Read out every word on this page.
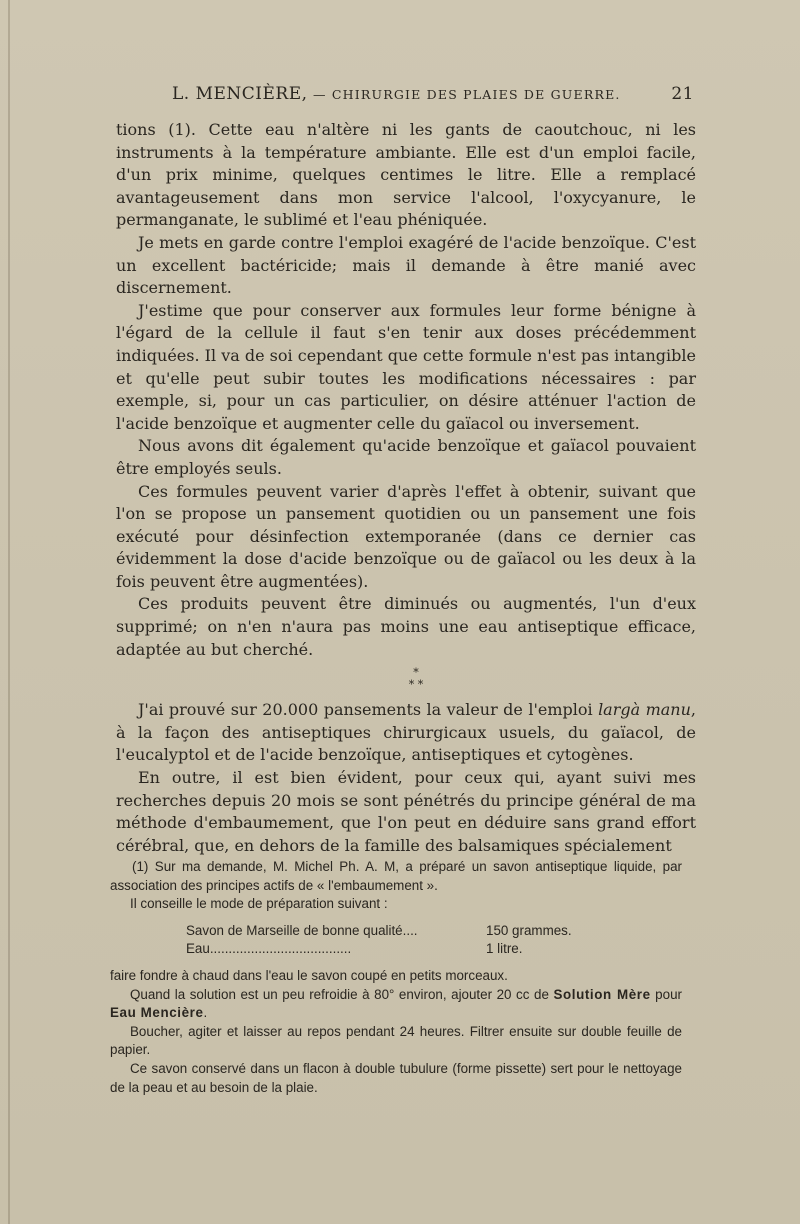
L. MENCIÈRE, — CHIRURGIE DES PLAIES DE GUERRE.	21

tions (1). Cette eau n'altère ni les gants de caoutchouc, ni les instruments à la température ambiante. Elle est d'un emploi facile, d'un prix minime, quelques centimes le litre. Elle a remplacé avantageusement dans mon service l'alcool, l'oxycyanure, le permanganate, le sublimé et l'eau phéniquée.

Je mets en garde contre l'emploi exagéré de l'acide benzoïque. C'est un excellent bactéricide; mais il demande à être manié avec discernement.

J'estime que pour conserver aux formules leur forme bénigne à l'égard de la cellule il faut s'en tenir aux doses précédemment indiquées. Il va de soi cependant que cette formule n'est pas intangible et qu'elle peut subir toutes les modifications nécessaires : par exemple, si, pour un cas particulier, on désire atténuer l'action de l'acide benzoïque et augmenter celle du gaïacol ou inversement.

Nous avons dit également qu'acide benzoïque et gaïacol pouvaient être employés seuls.

Ces formules peuvent varier d'après l'effet à obtenir, suivant que l'on se propose un pansement quotidien ou un pansement une fois exécuté pour désinfection extemporanée (dans ce dernier cas évidemment la dose d'acide benzoïque ou de gaïacol ou les deux à la fois peuvent être augmentées).

Ces produits peuvent être diminués ou augmentés, l'un d'eux supprimé; on n'en n'aura pas moins une eau antiseptique efficace, adaptée au but cherché.

*
* *

J'ai prouvé sur 20.000 pansements la valeur de l'emploi largà manu, à la façon des antiseptiques chirurgicaux usuels, du gaïacol, de l'eucalyptol et de l'acide benzoïque, antiseptiques et cytogènes.

En outre, il est bien évident, pour ceux qui, ayant suivi mes recherches depuis 20 mois se sont pénétrés du principe général de ma méthode d'embaumement, que l'on peut en déduire sans grand effort cérébral, que, en dehors de la famille des balsamiques spécialement

(1) Sur ma demande, M. Michel Ph. A. M, a préparé un savon antiseptique liquide, par association des principes actifs de « l'embaumement ».

Il conseille le mode de préparation suivant :

Savon de Marseille de bonne qualité....	150 grammes.
Eau......................................	1 litre.

faire fondre à chaud dans l'eau le savon coupé en petits morceaux.

Quand la solution est un peu refroidie à 80° environ, ajouter 20 cc de Solution Mère pour Eau Mencière.

Boucher, agiter et laisser au repos pendant 24 heures. Filtrer ensuite sur double feuille de papier.

Ce savon conservé dans un flacon à double tubulure (forme pissette) sert pour le nettoyage de la peau et au besoin de la plaie.
